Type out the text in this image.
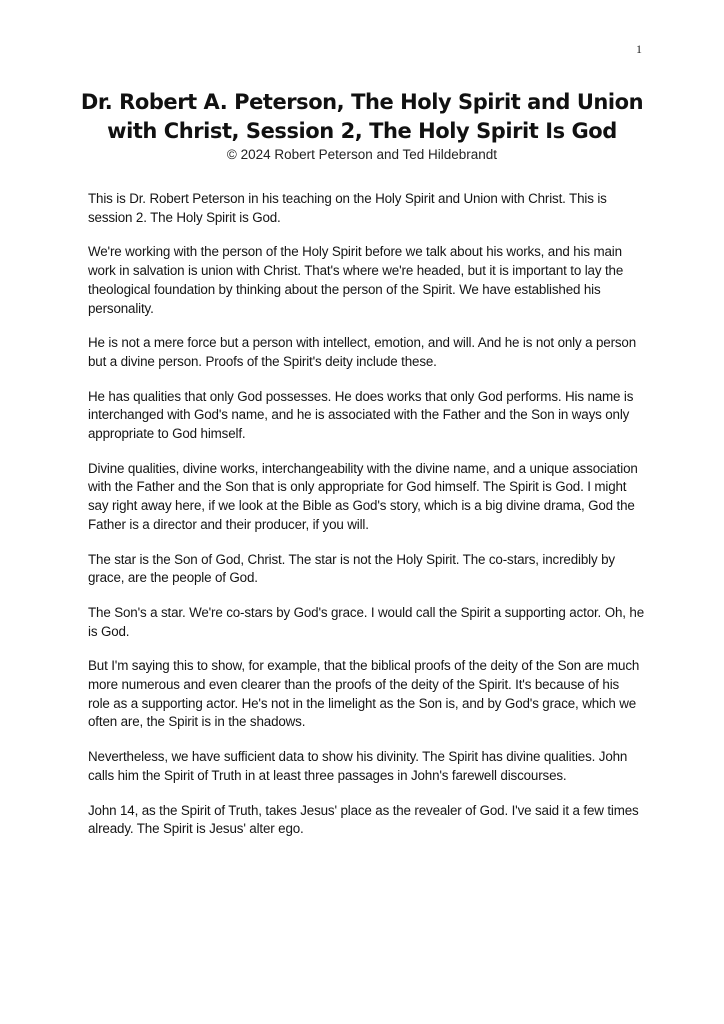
1
Dr. Robert A. Peterson, The Holy Spirit and Union
with Christ, Session 2, The Holy Spirit Is God

© 2024 Robert Peterson and Ted Hildebrandt

This is Dr. Robert Peterson in his teaching on the Holy Spirit and Union with Christ. This is session 2. The Holy Spirit is God.

We're working with the person of the Holy Spirit before we talk about his works, and his main work in salvation is union with Christ. That's where we're headed, but it is important to lay the theological foundation by thinking about the person of the Spirit. We have established his personality.

He is not a mere force but a person with intellect, emotion, and will. And he is not only a person but a divine person. Proofs of the Spirit's deity include these.

He has qualities that only God possesses. He does works that only God performs. His name is interchanged with God's name, and he is associated with the Father and the Son in ways only appropriate to God himself.

Divine qualities, divine works, interchangeability with the divine name, and a unique association with the Father and the Son that is only appropriate for God himself. The Spirit is God. I might say right away here, if we look at the Bible as God's story, which is a big divine drama, God the Father is a director and their producer, if you will.

The star is the Son of God, Christ. The star is not the Holy Spirit. The co-stars, incredibly by grace, are the people of God.

The Son's a star. We're co-stars by God's grace. I would call the Spirit a supporting actor. Oh, he is God.

But I'm saying this to show, for example, that the biblical proofs of the deity of the Son are much more numerous and even clearer than the proofs of the deity of the Spirit. It's because of his role as a supporting actor. He's not in the limelight as the Son is, and by God's grace, which we often are, the Spirit is in the shadows.

Nevertheless, we have sufficient data to show his divinity. The Spirit has divine qualities. John calls him the Spirit of Truth in at least three passages in John's farewell discourses.

John 14, as the Spirit of Truth, takes Jesus' place as the revealer of God. I've said it a few times already. The Spirit is Jesus' alter ego.
